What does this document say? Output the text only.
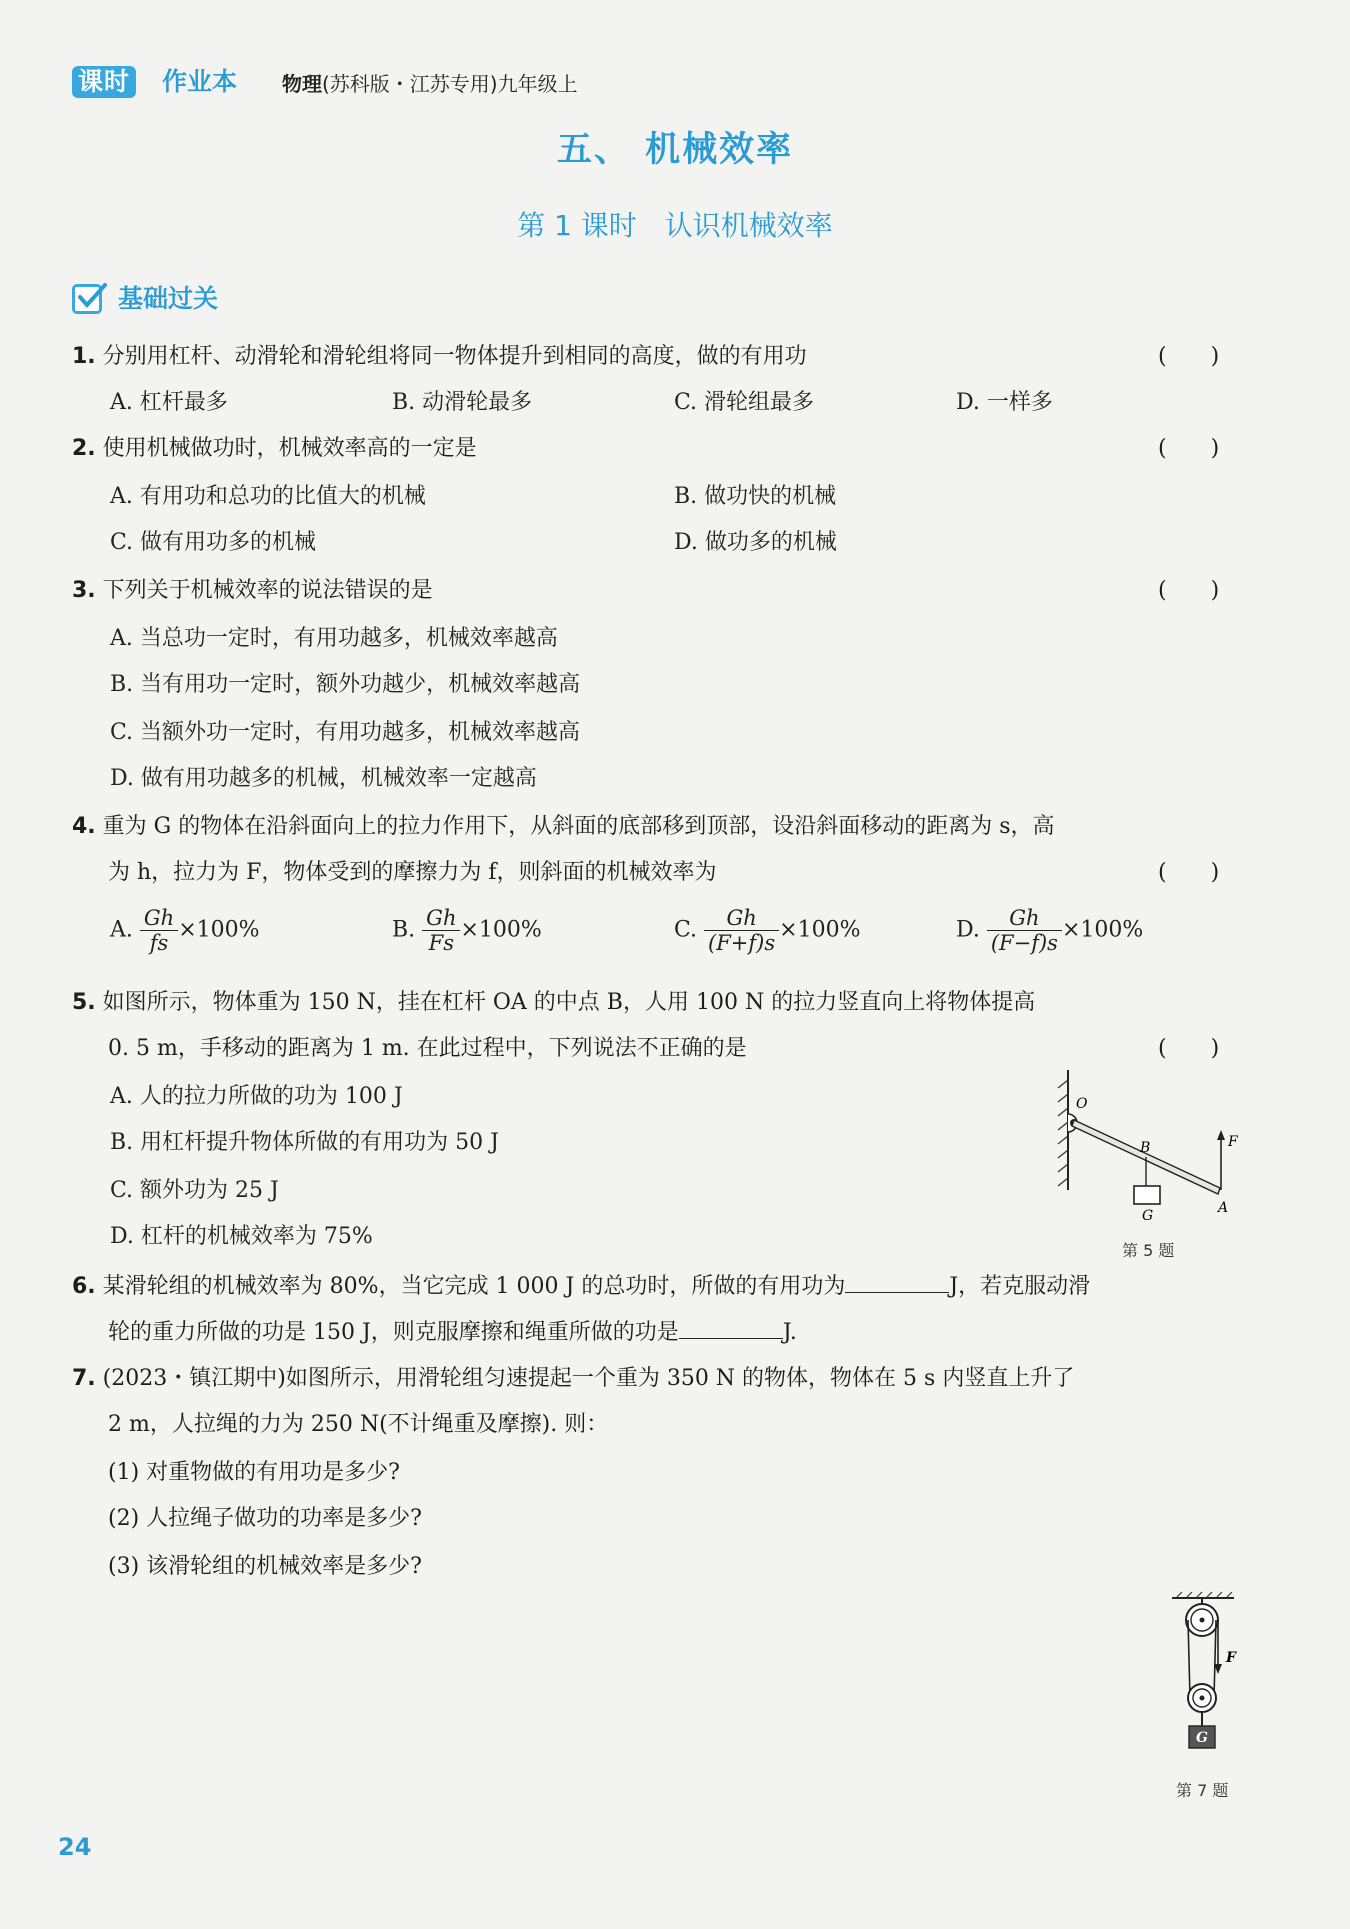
课时 作业本 物理(苏科版・江苏专用)九年级上
五、 机械效率
第 1 课时　认识机械效率
基础过关
1. 分别用杠杆、动滑轮和滑轮组将同一物体提升到相同的高度，做的有用功	(　　)
A. 杠杆最多	B. 动滑轮最多	C. 滑轮组最多	D. 一样多
2. 使用机械做功时，机械效率高的一定是	(　　)
A. 有用功和总功的比值大的机械	B. 做功快的机械
C. 做有用功多的机械	D. 做功多的机械
3. 下列关于机械效率的说法错误的是	(　　)
A. 当总功一定时，有用功越多，机械效率越高
B. 当有用功一定时，额外功越少，机械效率越高
C. 当额外功一定时，有用功越多，机械效率越高
D. 做有用功越多的机械，机械效率一定越高
4. 重为 G 的物体在沿斜面向上的拉力作用下，从斜面的底部移到顶部，设沿斜面移动的距离为 s，高
为 h，拉力为 F，物体受到的摩擦力为 f，则斜面的机械效率为	(　　)
A. $\frac{Gh}{fs} \times 100\%$	B. $\frac{Gh}{Fs} \times 100\%$	C. $\frac{Gh}{(F+f)s} \times 100\%$	D. $\frac{Gh}{(F-f)s} \times 100\%$
5. 如图所示，物体重为 150 N，挂在杠杆 OA 的中点 B，人用 100 N 的拉力竖直向上将物体提高
0. 5 m，手移动的距离为 1 m. 在此过程中，下列说法不正确的是	(　　)
A. 人的拉力所做的功为 100 J
B. 用杠杆提升物体所做的有用功为 50 J
C. 额外功为 25 J
D. 杠杆的机械效率为 75%
O
B	F
G	A
第 5 题
6. 某滑轮组的机械效率为 80%，当它完成 1 000 J 的总功时，所做的有用功为	J，若克服动滑
轮的重力所做的功是 150 J，则克服摩擦和绳重所做的功是	J.
7. (2023・镇江期中)如图所示，用滑轮组匀速提起一个重为 350 N 的物体，物体在 5 s 内竖直上升了
2 m，人拉绳的力为 250 N(不计绳重及摩擦). 则：
(1) 对重物做的有用功是多少?
(2) 人拉绳子做功的功率是多少?
(3) 该滑轮组的机械效率是多少?
F
G
第 7 题
24
